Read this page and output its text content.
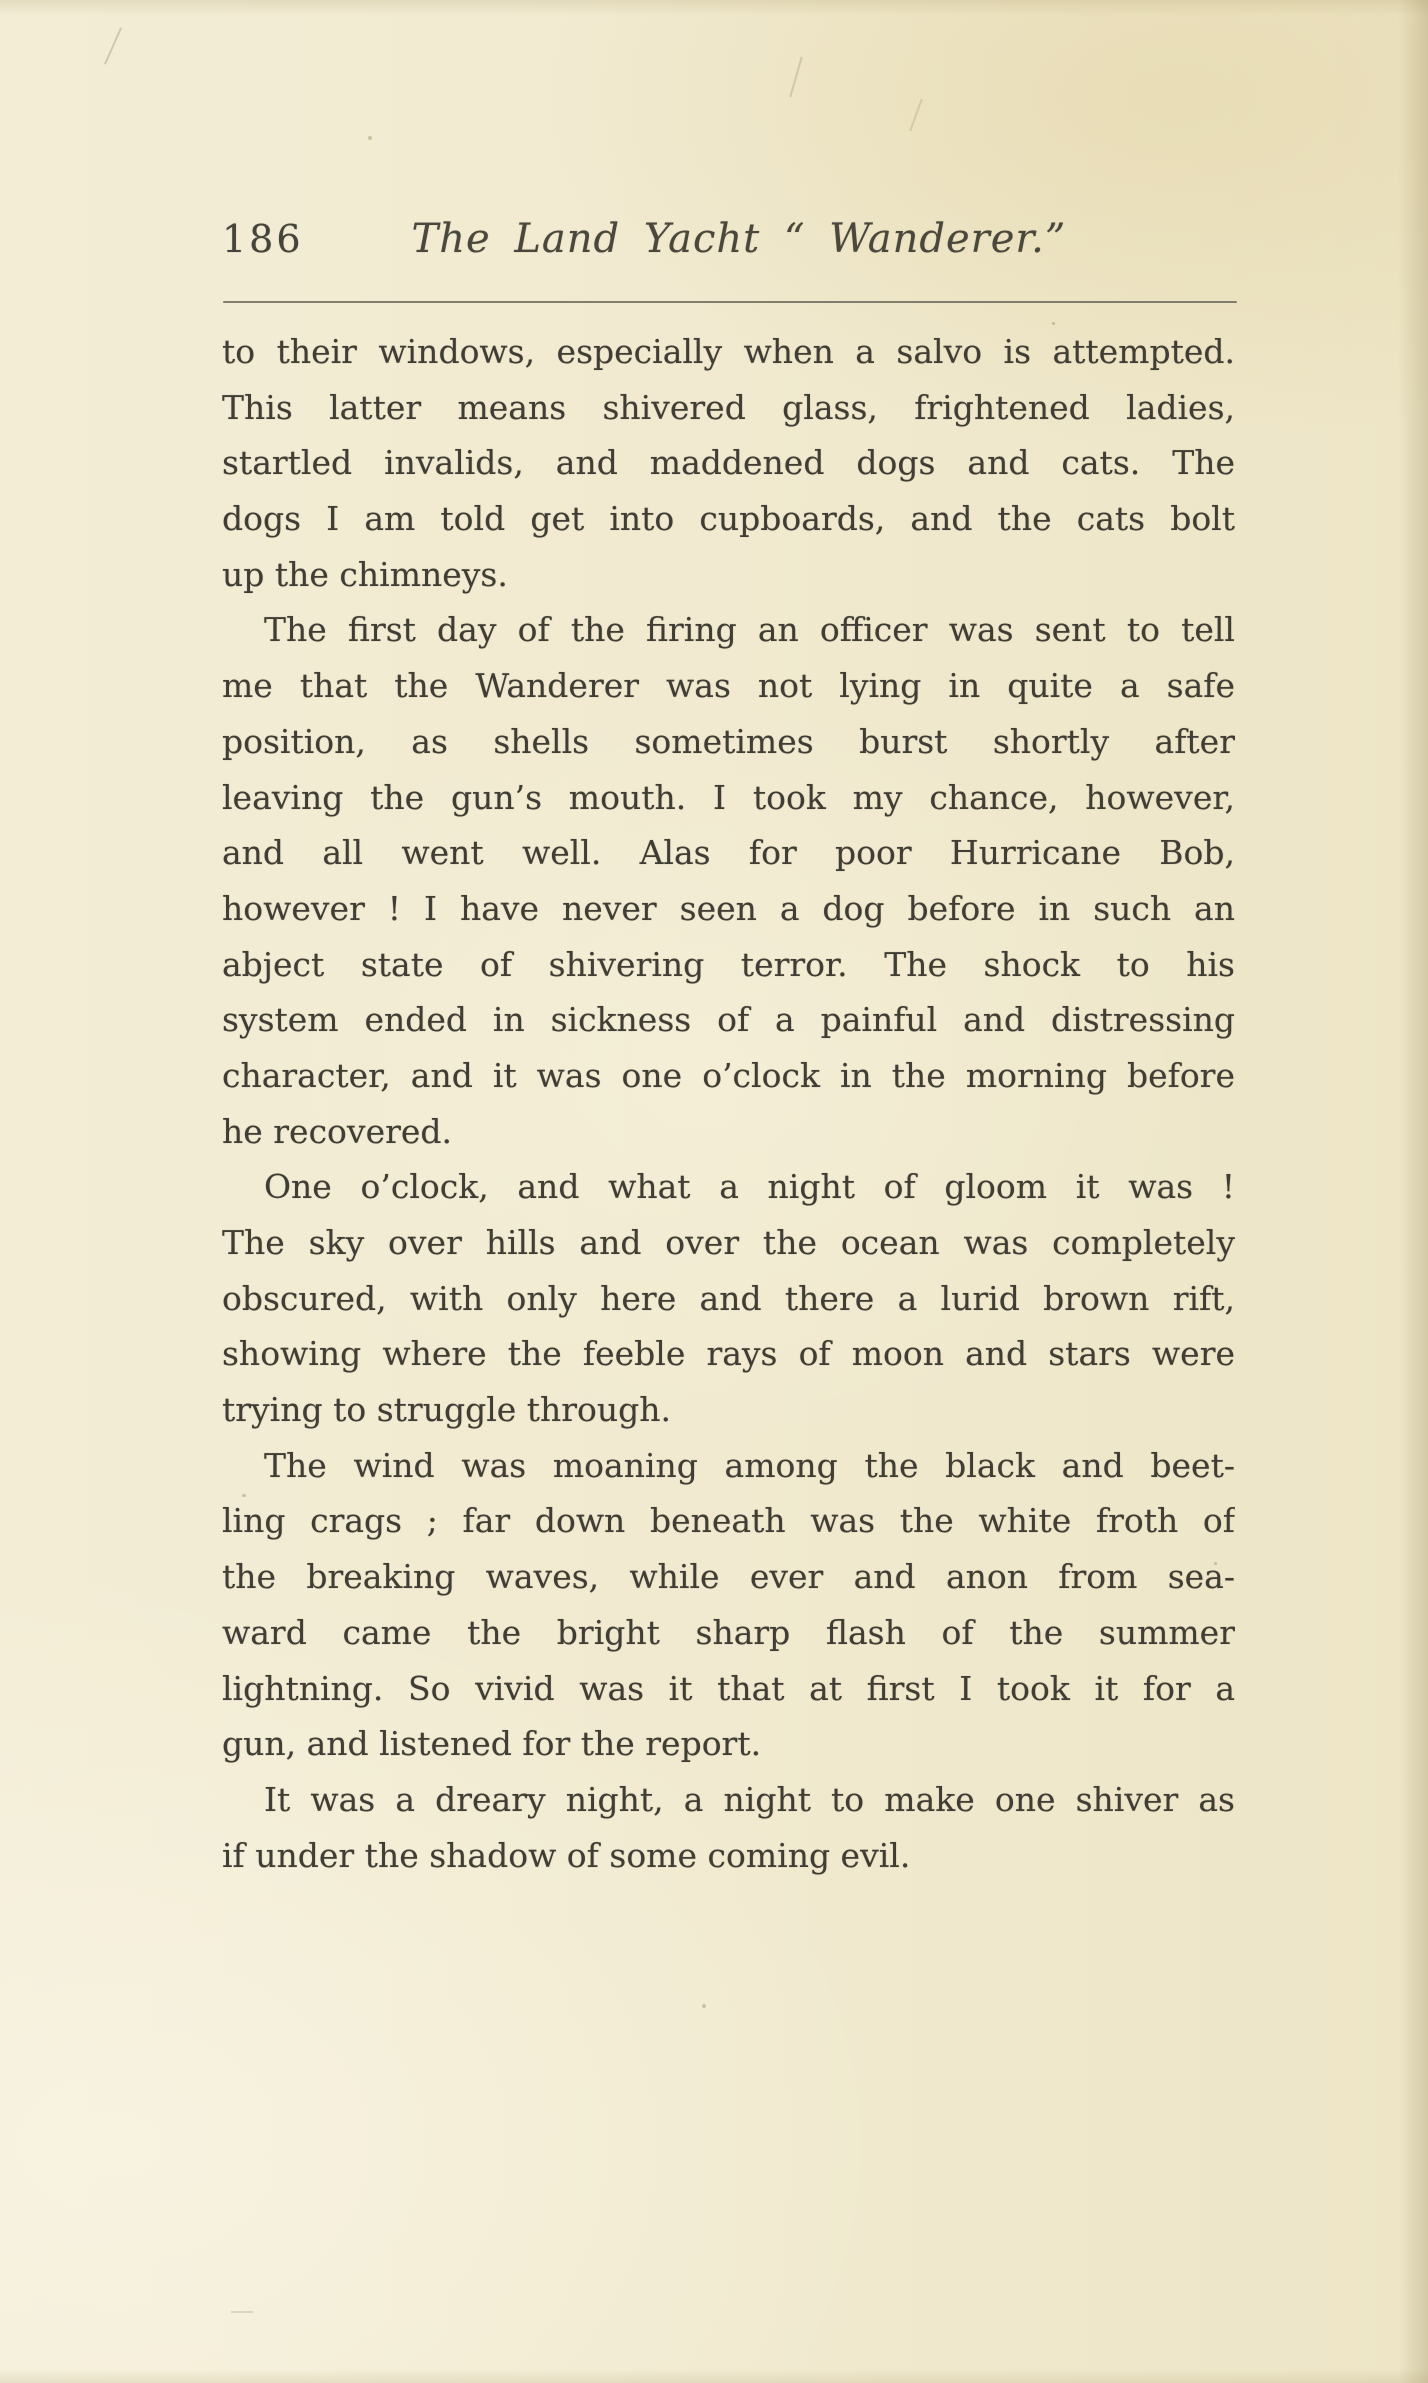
186	The Land Yacht “ Wanderer.”
to their windows, especially when a salvo is attempted.
This latter means shivered glass, frightened ladies,
startled invalids, and maddened dogs and cats. The
dogs I am told get into cupboards, and the cats bolt
up the chimneys.
The first day of the firing an officer was sent to tell
me that the Wanderer was not lying in quite a safe
position, as shells sometimes burst shortly after
leaving the gun’s mouth. I took my chance, however,
and all went well. Alas for poor Hurricane Bob,
however ! I have never seen a dog before in such an
abject state of shivering terror. The shock to his
system ended in sickness of a painful and distressing
character, and it was one o’clock in the morning before
he recovered.
One o’clock, and what a night of gloom it was !
The sky over hills and over the ocean was completely
obscured, with only here and there a lurid brown rift,
showing where the feeble rays of moon and stars were
trying to struggle through.
The wind was moaning among the black and beet-
ling crags ; far down beneath was the white froth of
the breaking waves, while ever and anon from sea-
ward came the bright sharp flash of the summer
lightning. So vivid was it that at first I took it for a
gun, and listened for the report.
It was a dreary night, a night to make one shiver as
if under the shadow of some coming evil.
